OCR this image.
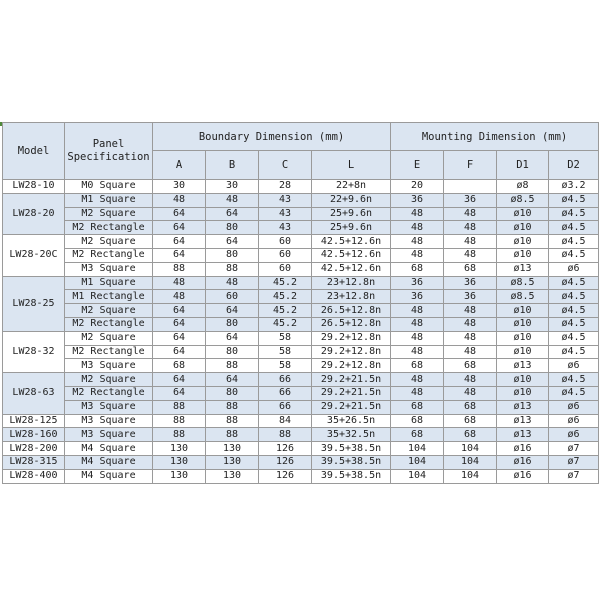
Model	Panel Specification	Boundary Dimension (mm)				Mounting Dimension (mm)			
		A	B	C	L	E	F	D1	D2
LW28-10	M0 Square	30	30	28	22+8n	20		ø8	ø3.2
LW28-20	M1 Square	48	48	43	22+9.6n	36	36	ø8.5	ø4.5
	M2 Square	64	64	43	25+9.6n	48	48	ø10	ø4.5
	M2 Rectangle	64	80	43	25+9.6n	48	48	ø10	ø4.5
LW28-20C	M2 Square	64	64	60	42.5+12.6n	48	48	ø10	ø4.5
	M2 Rectangle	64	80	60	42.5+12.6n	48	48	ø10	ø4.5
	M3 Square	88	88	60	42.5+12.6n	68	68	ø13	ø6
LW28-25	M1 Square	48	48	45.2	23+12.8n	36	36	ø8.5	ø4.5
	M1 Rectangle	48	60	45.2	23+12.8n	36	36	ø8.5	ø4.5
	M2 Square	64	64	45.2	26.5+12.8n	48	48	ø10	ø4.5
	M2 Rectangle	64	80	45.2	26.5+12.8n	48	48	ø10	ø4.5
LW28-32	M2 Square	64	64	58	29.2+12.8n	48	48	ø10	ø4.5
	M2 Rectangle	64	80	58	29.2+12.8n	48	48	ø10	ø4.5
	M3 Square	68	88	58	29.2+12.8n	68	68	ø13	ø6
LW28-63	M2 Square	64	64	66	29.2+21.5n	48	48	ø10	ø4.5
	M2 Rectangle	64	80	66	29.2+21.5n	48	48	ø10	ø4.5
	M3 Square	88	88	66	29.2+21.5n	68	68	ø13	ø6
LW28-125	M3 Square	88	88	84	35+26.5n	68	68	ø13	ø6
LW28-160	M3 Square	88	88	88	35+32.5n	68	68	ø13	ø6
LW28-200	M4 Square	130	130	126	39.5+38.5n	104	104	ø16	ø7
LW28-315	M4 Square	130	130	126	39.5+38.5n	104	104	ø16	ø7
LW28-400	M4 Square	130	130	126	39.5+38.5n	104	104	ø16	ø7
